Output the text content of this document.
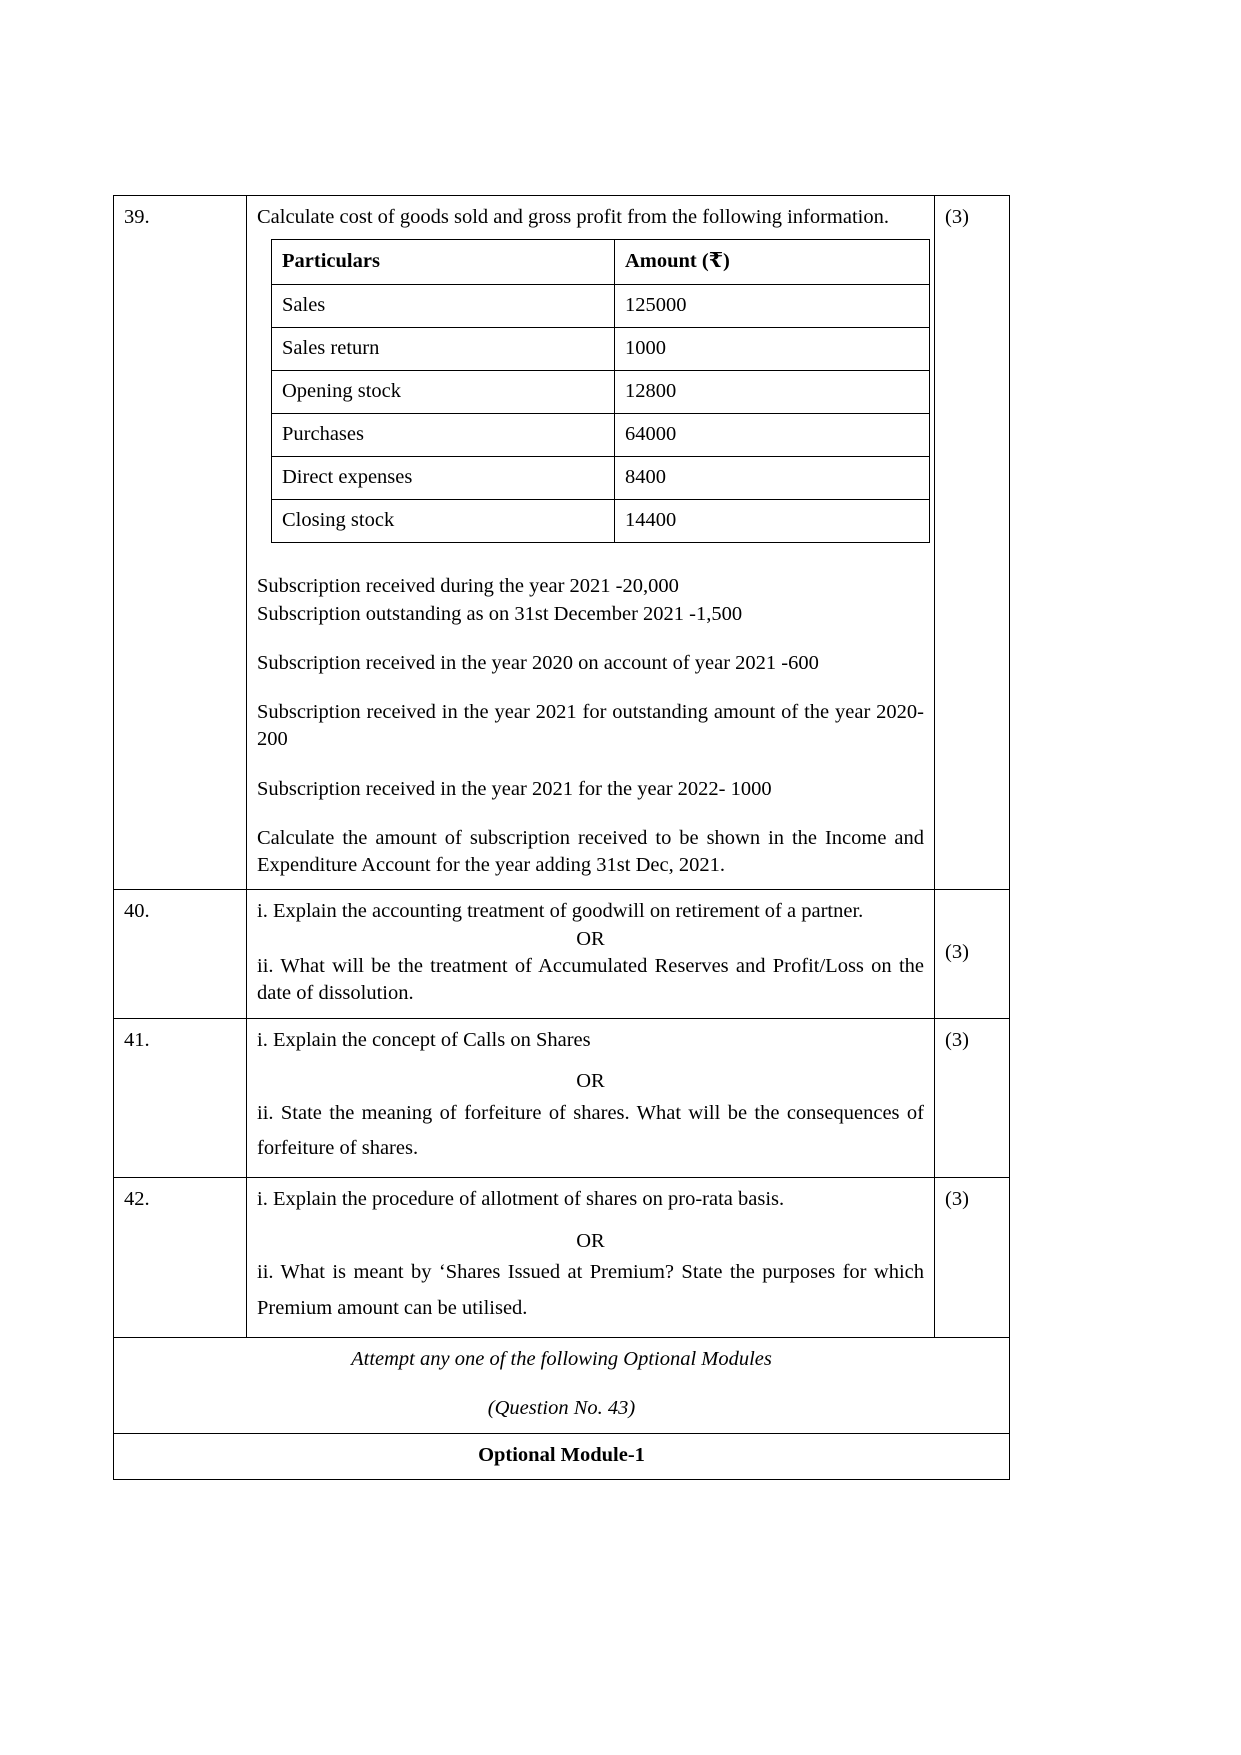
39.	Calculate cost of goods sold and gross profit from the following information.

Particulars	Amount (₹)
Sales	125000
Sales return	1000
Opening stock	12800
Purchases	64000
Direct expenses	8400
Closing stock	14400

Subscription received during the year 2021 -20,000

Subscription outstanding as on 31st December 2021 -1,500

Subscription received in the year 2020 on account of year 2021 -600

Subscription received in the year 2021 for outstanding amount of the year 2020- 200

Subscription received in the year 2021 for the year 2022- 1000

Calculate the amount of subscription received to be shown in the Income and Expenditure Account for the year adding 31st Dec, 2021.

	(3)
40.	i. Explain the accounting treatment of goodwill on retirement of a partner.

OR

ii. What will be the treatment of Accumulated Reserves and Profit/Loss on the date of dissolution.

	(3)
41.	i. Explain the concept of Calls on Shares

OR

ii. State the meaning of forfeiture of shares. What will be the consequences of forfeiture of shares.

	(3)
42.	i. Explain the procedure of allotment of shares on pro-rata basis.

OR

ii. What is meant by ‘Shares Issued at Premium? State the purposes for which Premium amount can be utilised.

	(3)

Attempt any one of the following Optional Modules
(Question No. 43)

Optional Module-1
